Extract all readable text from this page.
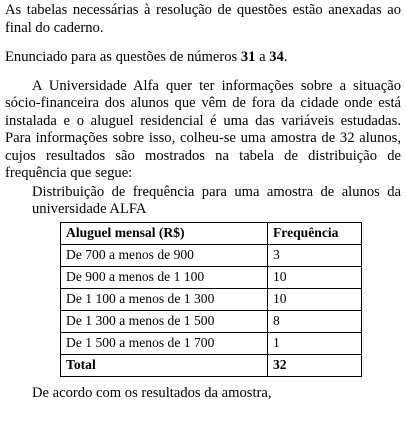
As tabelas necessárias à resolução de questões estão anexadas ao final do caderno.

Enunciado para as questões de números 31 a 34.

A Universidade Alfa quer ter informações sobre a situação sócio-financeira dos alunos que vêm de fora da cidade onde está instalada e o aluguel residencial é uma das variáveis estudadas. Para informações sobre isso, colheu-se uma amostra de 32 alunos, cujos resultados são mostrados na tabela de distribuição de frequência que segue:

Distribuição de frequência para uma amostra de alunos da universidade ALFA

Aluguel mensal (R$)	Frequência
De 700 a menos de 900	3
De 900 a menos de 1 100	10
De 1 100 a menos de 1 300	10
De 1 300 a menos de 1 500	8
De 1 500 a menos de 1 700	1
Total	32

De acordo com os resultados da amostra,
